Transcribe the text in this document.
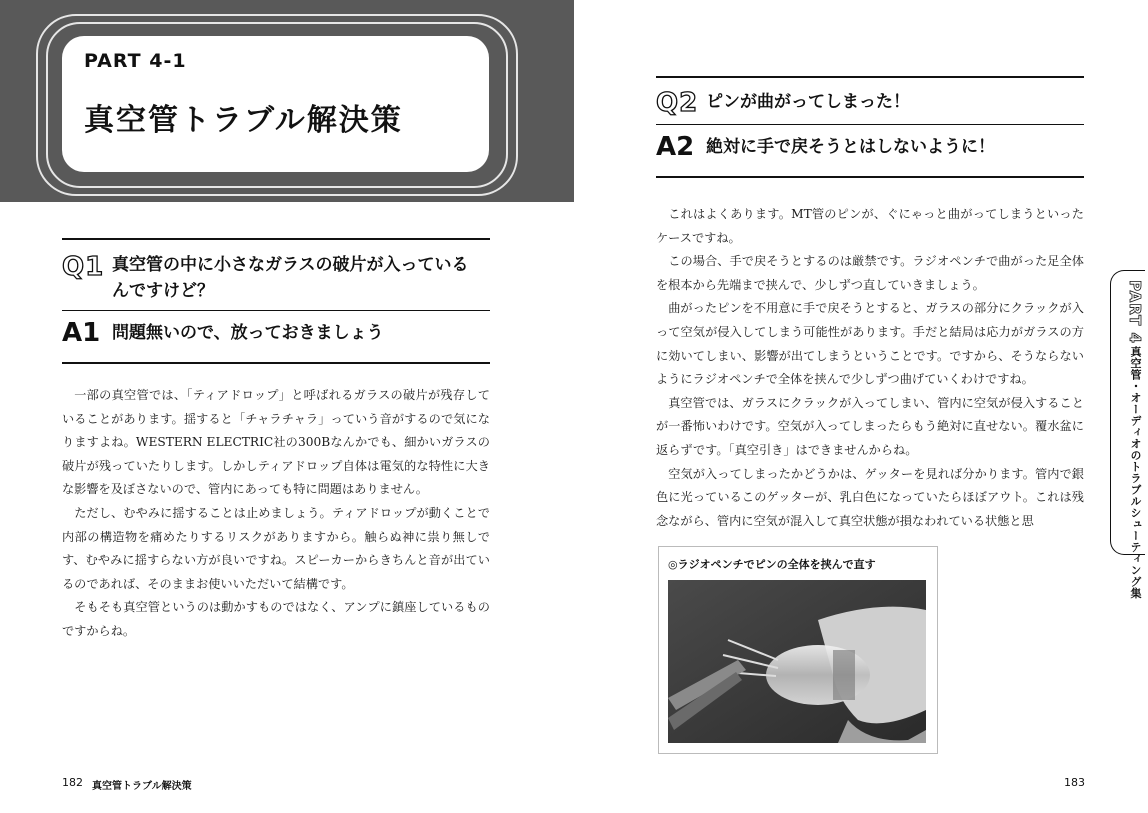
PART 4-1
真空管トラブル解決策
Q1 真空管の中に小さなガラスの破片が入っている
んですけど？
A1 問題無いので、放っておきましょう

一部の真空管では、「ティアドロップ」と呼ばれるガラスの破片が残存していることがあります。揺すると「チャラチャラ」っていう音がするので気になりますよね。WESTERN ELECTRIC社の300Bなんかでも、細かいガラスの破片が残っていたりします。しかしティアドロップ自体は電気的な特性に大きな影響を及ぼさないので、管内にあっても特に問題はありません。

ただし、むやみに揺することは止めましょう。ティアドロップが動くことで内部の構造物を痛めたりするリスクがありますから。触らぬ神に祟り無しです、むやみに揺すらない方が良いですね。スピーカーからきちんと音が出ているのであれば、そのままお使いいただいて結構です。

そもそも真空管というのは動かすものではなく、アンプに鎮座しているものですからね。

182 真空管トラブル解決策
Q2 ピンが曲がってしまった！
A2 絶対に手で戻そうとはしないように！

これはよくあります。MT管のピンが、ぐにゃっと曲がってしまうといったケースですね。

この場合、手で戻そうとするのは厳禁です。ラジオペンチで曲がった足全体を根本から先端まで挟んで、少しずつ直していきましょう。

曲がったピンを不用意に手で戻そうとすると、ガラスの部分にクラックが入って空気が侵入してしまう可能性があります。手だと結局は応力がガラスの方に効いてしまい、影響が出てしまうということです。ですから、そうならないようにラジオペンチで全体を挟んで少しずつ曲げていくわけですね。

真空管では、ガラスにクラックが入ってしまい、管内に空気が侵入することが一番怖いわけです。空気が入ってしまったらもう絶対に直せない。覆水盆に返らずです。「真空引き」はできませんからね。

空気が入ってしまったかどうかは、ゲッターを見れば分かります。管内で銀色に光っているこのゲッターが、乳白色になっていたらほぼアウト。これは残念ながら、管内に空気が混入して真空状態が損なわれている状態と思

◎ラジオペンチでピンの全体を挟んで直す
PART 4
真空管・オーディオのトラブルシューティング集
183
